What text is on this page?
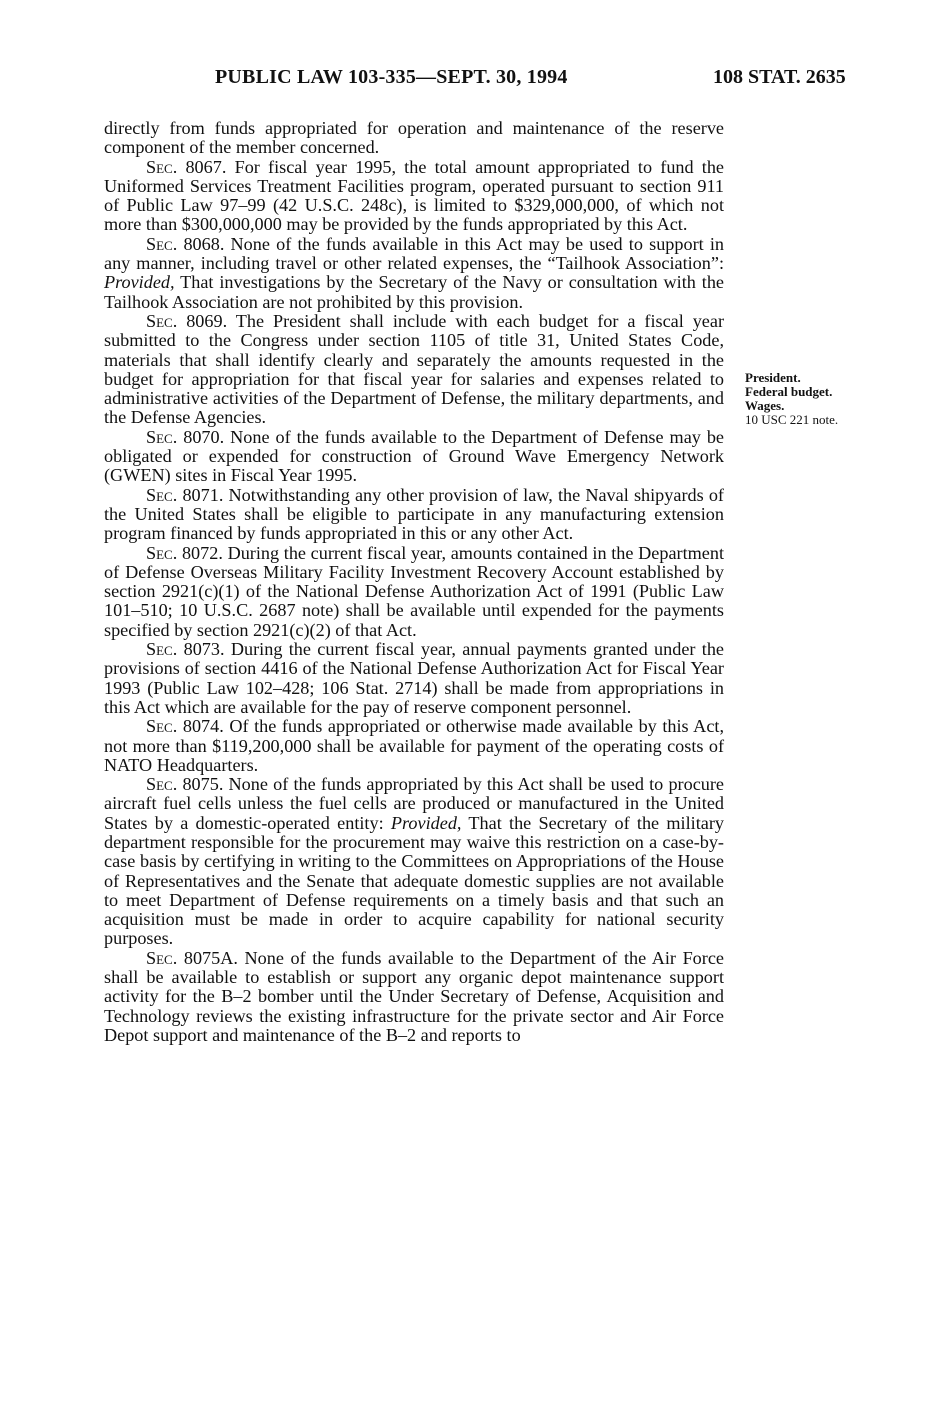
PUBLIC LAW 103-335—SEPT. 30, 1994	108 STAT. 2635
President.
Federal budget.
Wages.
10 USC 221 note.

directly from funds appropriated for operation and maintenance of the reserve component of the member concerned.

Sec. 8067. For fiscal year 1995, the total amount appropriated to fund the Uniformed Services Treatment Facilities program, operated pursuant to section 911 of Public Law 97–99 (42 U.S.C. 248c), is limited to $329,000,000, of which not more than $300,000,000 may be provided by the funds appropriated by this Act.

Sec. 8068. None of the funds available in this Act may be used to support in any manner, including travel or other related expenses, the “Tailhook Association”: Provided, That investigations by the Secretary of the Navy or consultation with the Tailhook Association are not prohibited by this provision.

Sec. 8069. The President shall include with each budget for a fiscal year submitted to the Congress under section 1105 of title 31, United States Code, materials that shall identify clearly and separately the amounts requested in the budget for appropriation for that fiscal year for salaries and expenses related to administrative activities of the Department of Defense, the military departments, and the Defense Agencies.

Sec. 8070. None of the funds available to the Department of Defense may be obligated or expended for construction of Ground Wave Emergency Network (GWEN) sites in Fiscal Year 1995.

Sec. 8071. Notwithstanding any other provision of law, the Naval shipyards of the United States shall be eligible to participate in any manufacturing extension program financed by funds appropriated in this or any other Act.

Sec. 8072. During the current fiscal year, amounts contained in the Department of Defense Overseas Military Facility Investment Recovery Account established by section 2921(c)(1) of the National Defense Authorization Act of 1991 (Public Law 101–510; 10 U.S.C. 2687 note) shall be available until expended for the payments specified by section 2921(c)(2) of that Act.

Sec. 8073. During the current fiscal year, annual payments granted under the provisions of section 4416 of the National Defense Authorization Act for Fiscal Year 1993 (Public Law 102–428; 106 Stat. 2714) shall be made from appropriations in this Act which are available for the pay of reserve component personnel.

Sec. 8074. Of the funds appropriated or otherwise made available by this Act, not more than $119,200,000 shall be available for payment of the operating costs of NATO Headquarters.

Sec. 8075. None of the funds appropriated by this Act shall be used to procure aircraft fuel cells unless the fuel cells are produced or manufactured in the United States by a domestic-operated entity: Provided, That the Secretary of the military department responsible for the procurement may waive this restriction on a case-by-case basis by certifying in writing to the Committees on Appropriations of the House of Representatives and the Senate that adequate domestic supplies are not available to meet Department of Defense requirements on a timely basis and that such an acquisition must be made in order to acquire capability for national security purposes.

Sec. 8075A. None of the funds available to the Department of the Air Force shall be available to establish or support any organic depot maintenance support activity for the B–2 bomber until the Under Secretary of Defense, Acquisition and Technology reviews the existing infrastructure for the private sector and Air Force Depot support and maintenance of the B–2 and reports to
